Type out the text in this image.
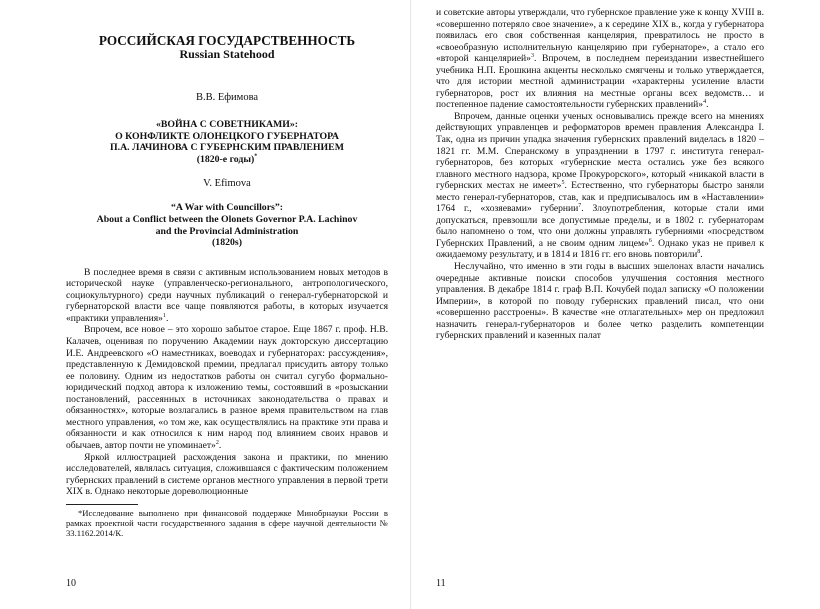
РОССИЙСКАЯ ГОСУДАРСТВЕННОСТЬ
Russian Statehood
В.В. Ефимова
«ВОЙНА С СОВЕТНИКАМИ»:
О КОНФЛИКТЕ ОЛОНЕЦКОГО ГУБЕРНАТОРА
П.А. ЛАЧИНОВА С ГУБЕРНСКИМ ПРАВЛЕНИЕМ
(1820-е годы)*
V. Efimova
“A War with Councillors”:
About a Conflict between the Olonets Governor P.A. Lachinov
and the Provincial Administration
(1820s)

В последнее время в связи с активным использованием новых методов в исторической науке (управленческо-регионального, антропологического, социокультурного) среди научных публикаций о генерал-губернаторской и губернаторской власти все чаще появляются работы, в которых изучается «практики управления»$^1$.

Впрочем, все новое – это хорошо забытое старое. Еще 1867 г. проф. Н.В. Калачев, оценивая по поручению Академии наук докторскую диссертацию И.Е. Андреевского «О наместниках, воеводах и губернаторах: рассуждения», представленную к Демидовской премии, предлагал присудить автору только ее половину. Одним из недостатков работы он считал сугубо формально-юридический подход автора к изложению темы, состоявший в «розыскании постановлений, рассеянных в источниках законодательства о правах и обязанностях», которые возлагались в разное время правительством на глав местного управления, «о том же, как осуществлялись на практике эти права и обязанности и как относился к ним народ под влиянием своих нравов и обычаев, автор почти не упоминает»$^2$.

Яркой иллюстрацией расхождения закона и практики, по мнению исследователей, являлась ситуация, сложившаяся с фактическим положением губернских правлений в системе органов местного управления в первой трети XIX в. Однако некоторые дореволюционные

*Исследование выполнено при финансовой поддержке Минобрнауки России в рамках проектной части государственного задания в сфере научной деятельности № 33.1162.2014/К.
10

и советские авторы утверждали, что губернское правление уже к концу XVIII в. «совершенно потеряло свое значение», а к середине XIX в., когда у губернатора появилась его своя собственная канцелярия, превратилось не просто в «своеобразную исполнительную канцелярию при губернаторе», а стало его «второй канцелярией»$^3$. Впрочем, в последнем переиздании известнейшего учебника Н.П. Ерошкина акценты несколько смягчены и только утверждается, что для истории местной администрации «характерны усиление власти губернаторов, рост их влияния на местные органы всех ведомств… и постепенное падение самостоятельности губернских правлений»$^4$.

Впрочем, данные оценки ученых основывались прежде всего на мнениях действующих управленцев и реформаторов времен правления Александра I. Так, одна из причин упадка значения губернских правлений виделась в 1820 – 1821 гг. М.М. Сперанскому в упразднении в 1797 г. института генерал-губернаторов, без которых «губернские места остались уже без всякого главного местного надзора, кроме Прокурорского», который «никакой власти в губернских местах не имеет»$^5$. Естественно, что губернаторы быстро заняли место генерал-губернаторов, став, как и предписывалось им в «Наставлении» 1764 г., «хозяевами» губернии$^7$. Злоупотребления, которые стали ими допускаться, превзошли все допустимые пределы, и в 1802 г. губернаторам было напомнено о том, что они должны управлять губерниями «посредством Губернских Правлений, а не своим одним лицем»$^6$. Однако указ не привел к ожидаемому результату, и в 1814 и 1816 гг. его вновь повторили$^8$.

Неслучайно, что именно в эти годы в высших эшелонах власти начались очередные активные поиски способов улучшения состояния местного управления. В декабре 1814 г. граф В.П. Кочубей подал записку «О положении Империи», в которой по поводу губернских правлений писал, что они «совершенно расстроены». В качестве «не отлагательных» мер он предложил назначить генерал-губернаторов и более четко разделить компетенции губернских правлений и казенных палат

11
